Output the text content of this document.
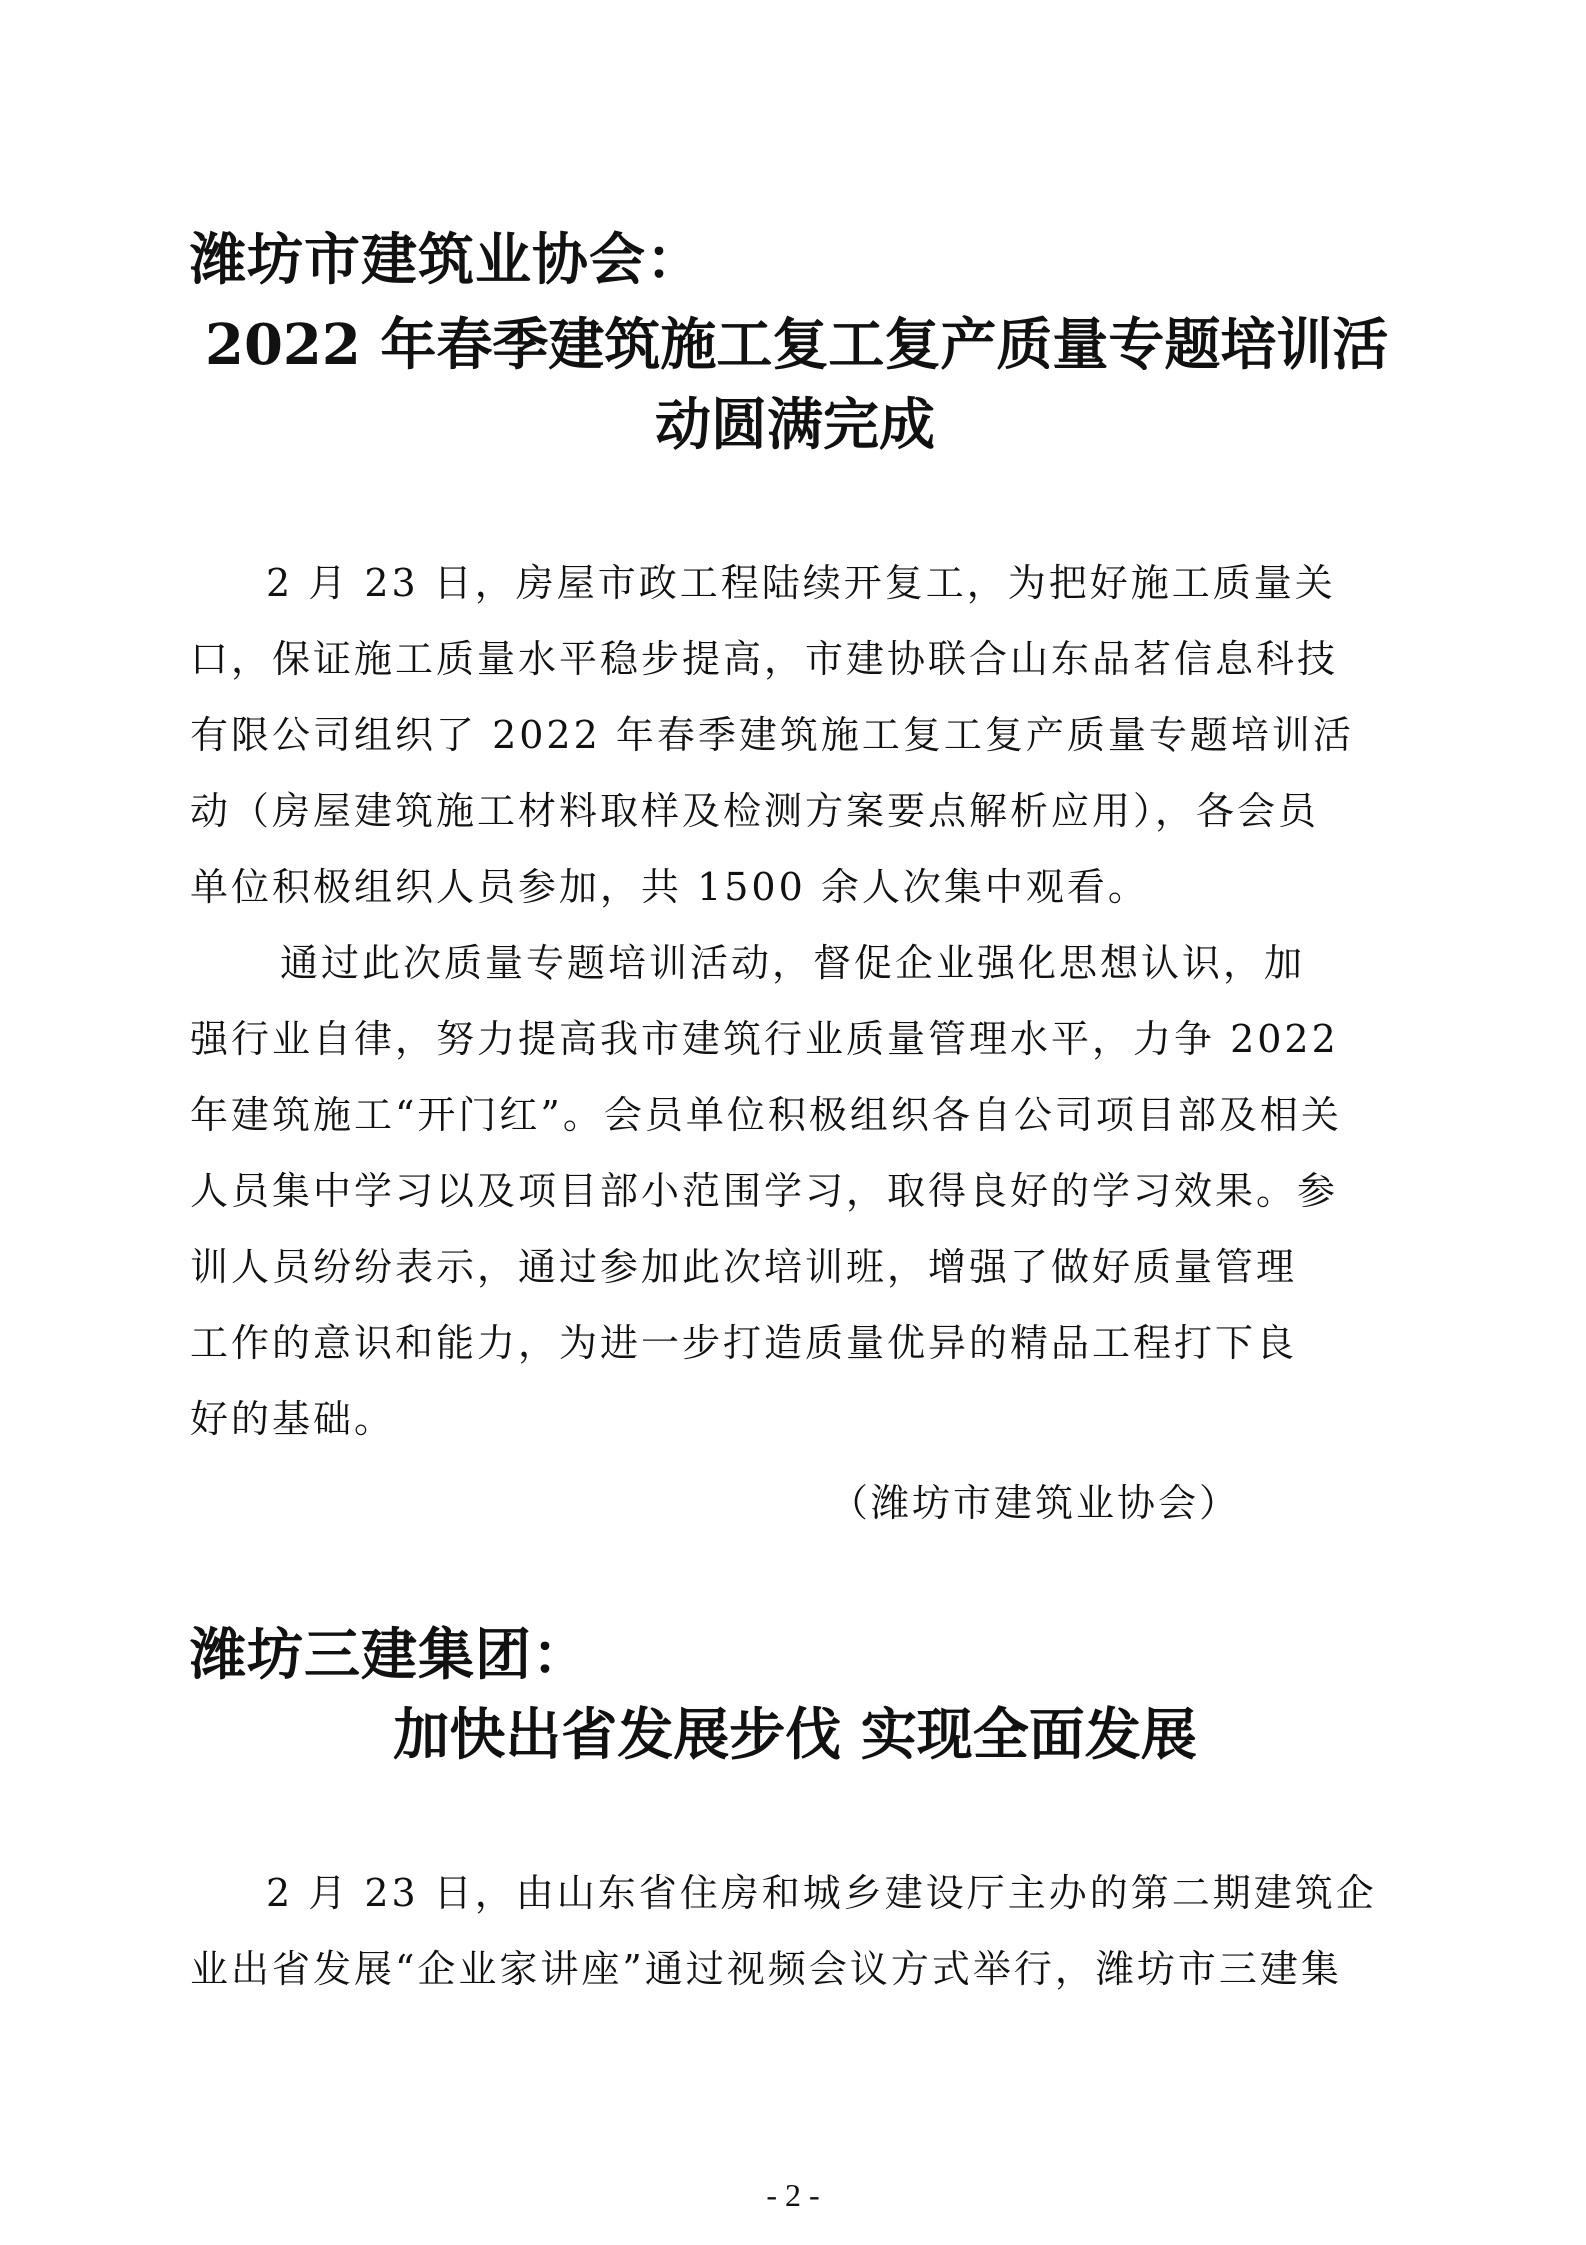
潍坊市建筑业协会：
2022 年春季建筑施工复工复产质量专题培训活
动圆满完成
2 月 23 日，房屋市政工程陆续开复工，为把好施工质量关
口，保证施工质量水平稳步提高，市建协联合山东品茗信息科技
有限公司组织了 2022 年春季建筑施工复工复产质量专题培训活
动（房屋建筑施工材料取样及检测方案要点解析应用），各会员
单位积极组织人员参加，共 1500 余人次集中观看。
通过此次质量专题培训活动，督促企业强化思想认识，加
强行业自律，努力提高我市建筑行业质量管理水平，力争 2022
年建筑施工“开门红”。会员单位积极组织各自公司项目部及相关
人员集中学习以及项目部小范围学习，取得良好的学习效果。参
训人员纷纷表示，通过参加此次培训班，增强了做好质量管理
工作的意识和能力，为进一步打造质量优异的精品工程打下良
好的基础。
（潍坊市建筑业协会）
潍坊三建集团：
加快出省发展步伐 实现全面发展
2 月 23 日，由山东省住房和城乡建设厅主办的第二期建筑企
业出省发展“企业家讲座”通过视频会议方式举行，潍坊市三建集
- 2 -
